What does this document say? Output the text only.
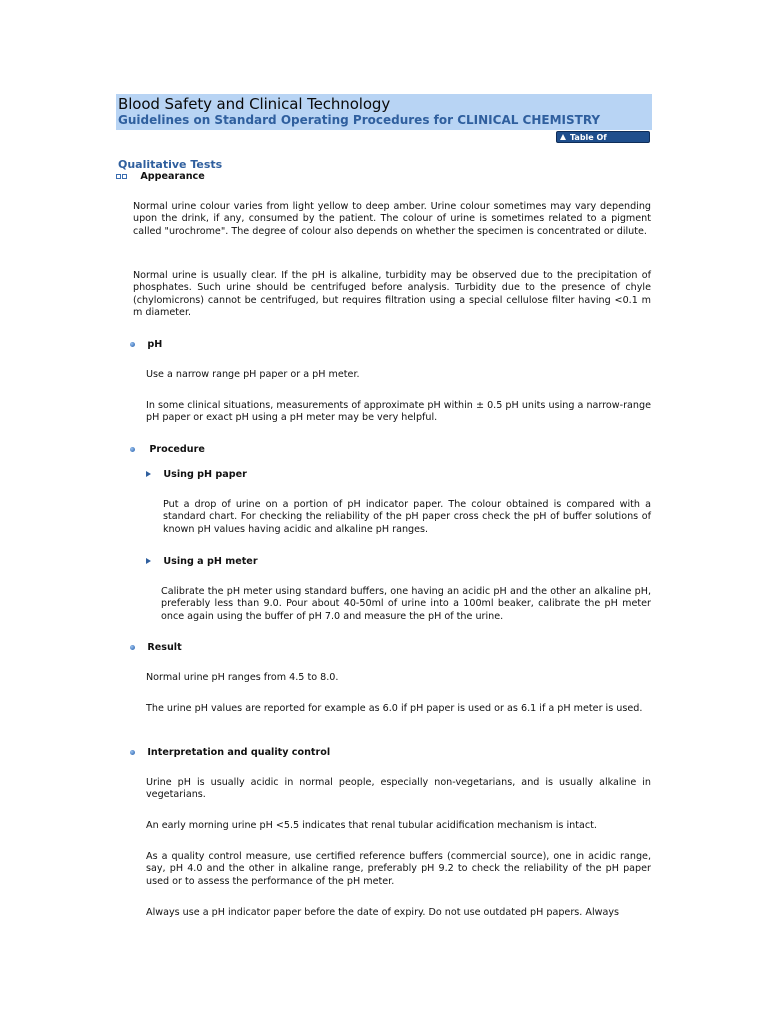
Blood Safety and Clinical Technology
Guidelines on Standard Operating Procedures for CLINICAL CHEMISTRY
Table Of Contents
Qualitative Tests
Appearance

Normal urine colour varies from light yellow to deep amber. Urine colour sometimes may vary depending upon the drink, if any, consumed by the patient. The colour of urine is sometimes related to a pigment called "urochrome". The degree of colour also depends on whether the specimen is concentrated or dilute.

Normal urine is usually clear. If the pH is alkaline, turbidity may be observed due to the precipitation of phosphates. Such urine should be centrifuged before analysis. Turbidity due to the presence of chyle (chylomicrons) cannot be centrifuged, but requires filtration using a special cellulose filter having <0.1 m m diameter.

pH

Use a narrow range pH paper or a pH meter.

In some clinical situations, measurements of approximate pH within ± 0.5 pH units using a narrow-range pH paper or exact pH using a pH meter may be very helpful.

Procedure
Using pH paper

Put a drop of urine on a portion of pH indicator paper. The colour obtained is compared with a standard chart. For checking the reliability of the pH paper cross check the pH of buffer solutions of known pH values having acidic and alkaline pH ranges.

Using a pH meter

Calibrate the pH meter using standard buffers, one having an acidic pH and the other an alkaline pH, preferably less than 9.0. Pour about 40-50ml of urine into a 100ml beaker, calibrate the pH meter once again using the buffer of pH 7.0 and measure the pH of the urine.

Result

Normal urine pH ranges from 4.5 to 8.0.

The urine pH values are reported for example as 6.0 if pH paper is used or as 6.1 if a pH meter is used.

Interpretation and quality control

Urine pH is usually acidic in normal people, especially non-vegetarians, and is usually alkaline in vegetarians.

An early morning urine pH <5.5 indicates that renal tubular acidification mechanism is intact.

As a quality control measure, use certified reference buffers (commercial source), one in acidic range, say, pH 4.0 and the other in alkaline range, preferably pH 9.2 to check the reliability of the pH paper used or to assess the performance of the pH meter.

Always use a pH indicator paper before the date of expiry. Do not use outdated pH papers. Always
